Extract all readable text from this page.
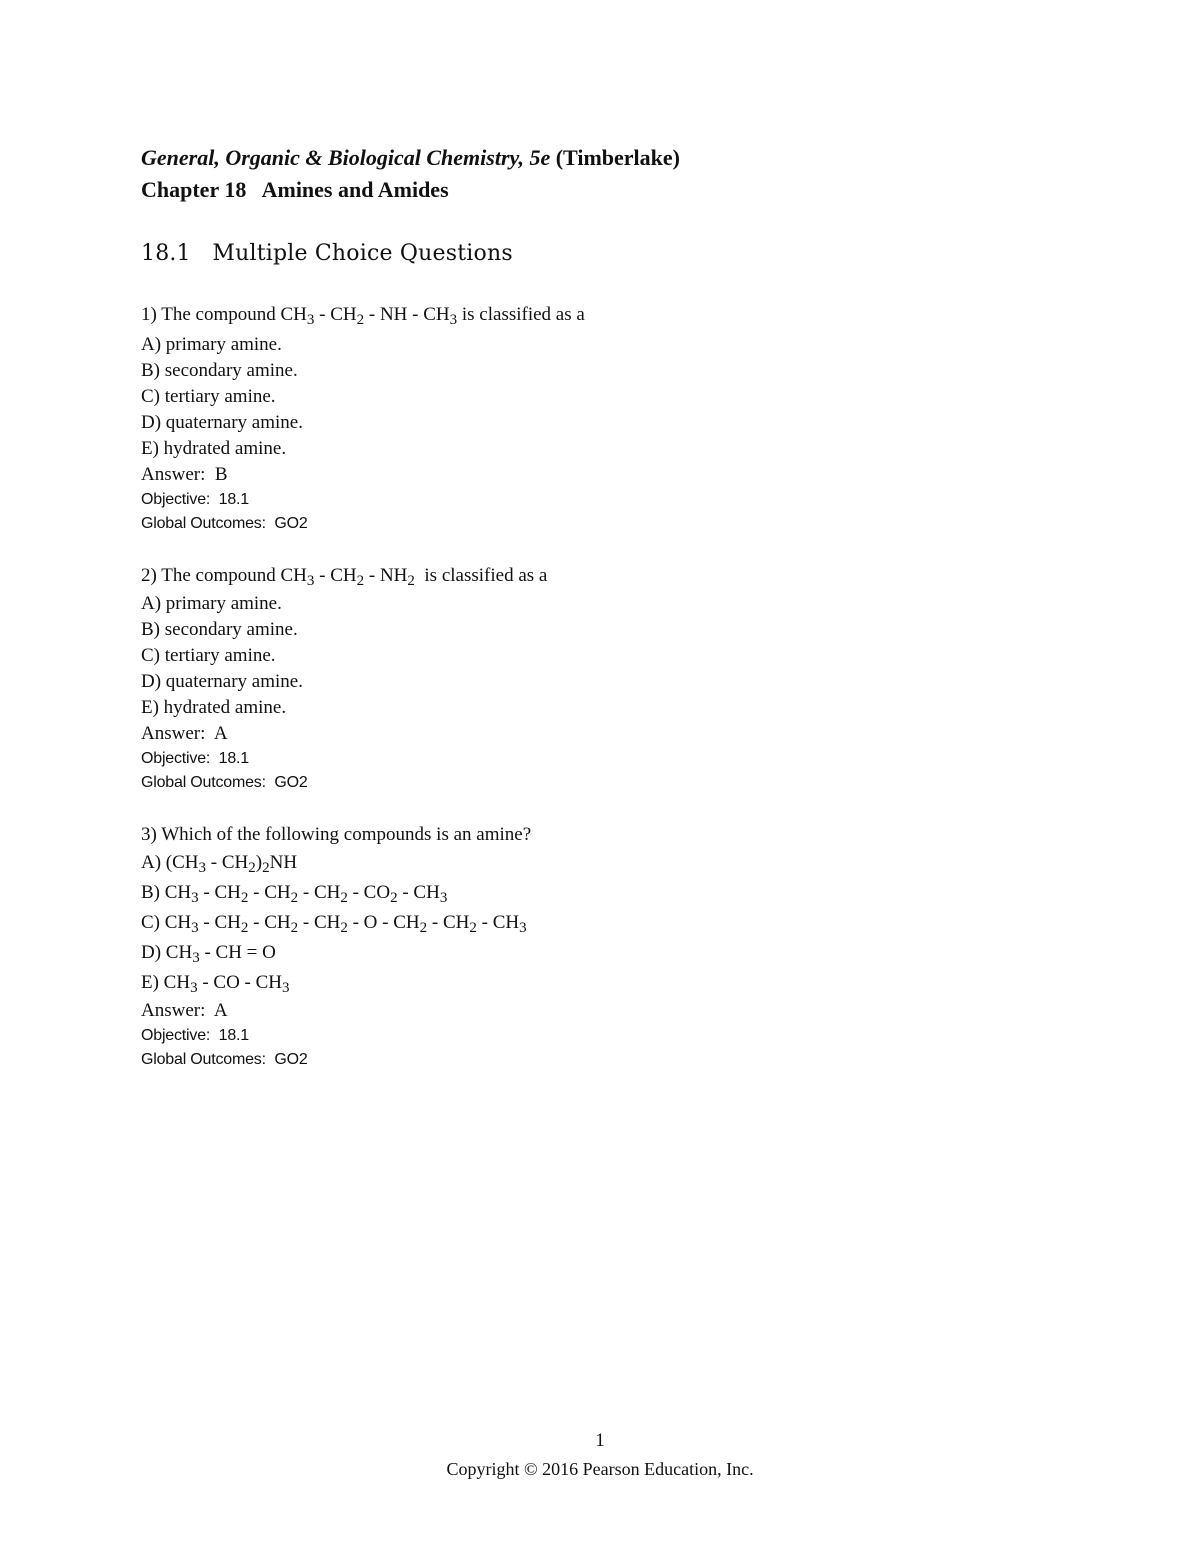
General, Organic & Biological Chemistry, 5e (Timberlake)
Chapter 18   Amines and Amides
18.1   Multiple Choice Questions
1) The compound $CH_3 - CH_2$ - NH - $CH_3$ is classified as a
A) primary amine.
B) secondary amine.
C) tertiary amine.
D) quaternary amine.
E) hydrated amine.
Answer:  B
Objective:  18.1
Global Outcomes:  GO2
2) The compound $CH_3 - CH_2 - NH_2$  is classified as a
A) primary amine.
B) secondary amine.
C) tertiary amine.
D) quaternary amine.
E) hydrated amine.
Answer:  A
Objective:  18.1
Global Outcomes:  GO2
3) Which of the following compounds is an amine?
A) $(CH_3 - CH_2)_2NH$
B) $CH_3 - CH_2 - CH_2 - CH_2 - CO_2 - CH_3$
C) $CH_3 - CH_2 - CH_2 - CH_2$ - O - $CH_2 - CH_2 - CH_3$
D) $CH_3$ - CH = O
E) $CH_3$ - CO - $CH_3$
Answer:  A
Objective:  18.1
Global Outcomes:  GO2
1
Copyright © 2016 Pearson Education, Inc.
